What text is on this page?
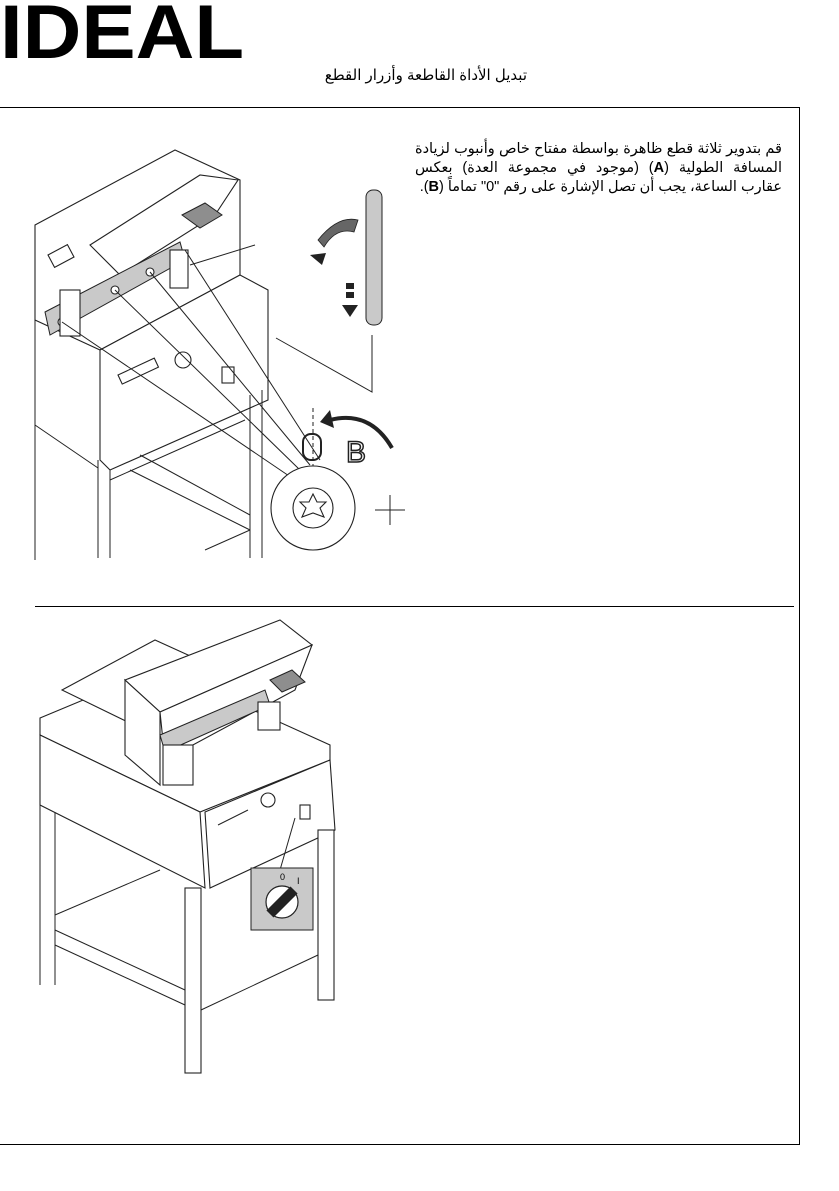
IDEAL
تبديل الأداة القاطعة وأزرار القطع
قم بتدوير ثلاثة قطع ظاهرة بواسطة مفتاح خاص وأنبوب لزيادة المسافة الطولية (A) (موجود في مجموعة العدة) بعكس عقارب الساعة، يجب أن تصل الإشارة على رقم "0" تماماً (B).
B
0 I
